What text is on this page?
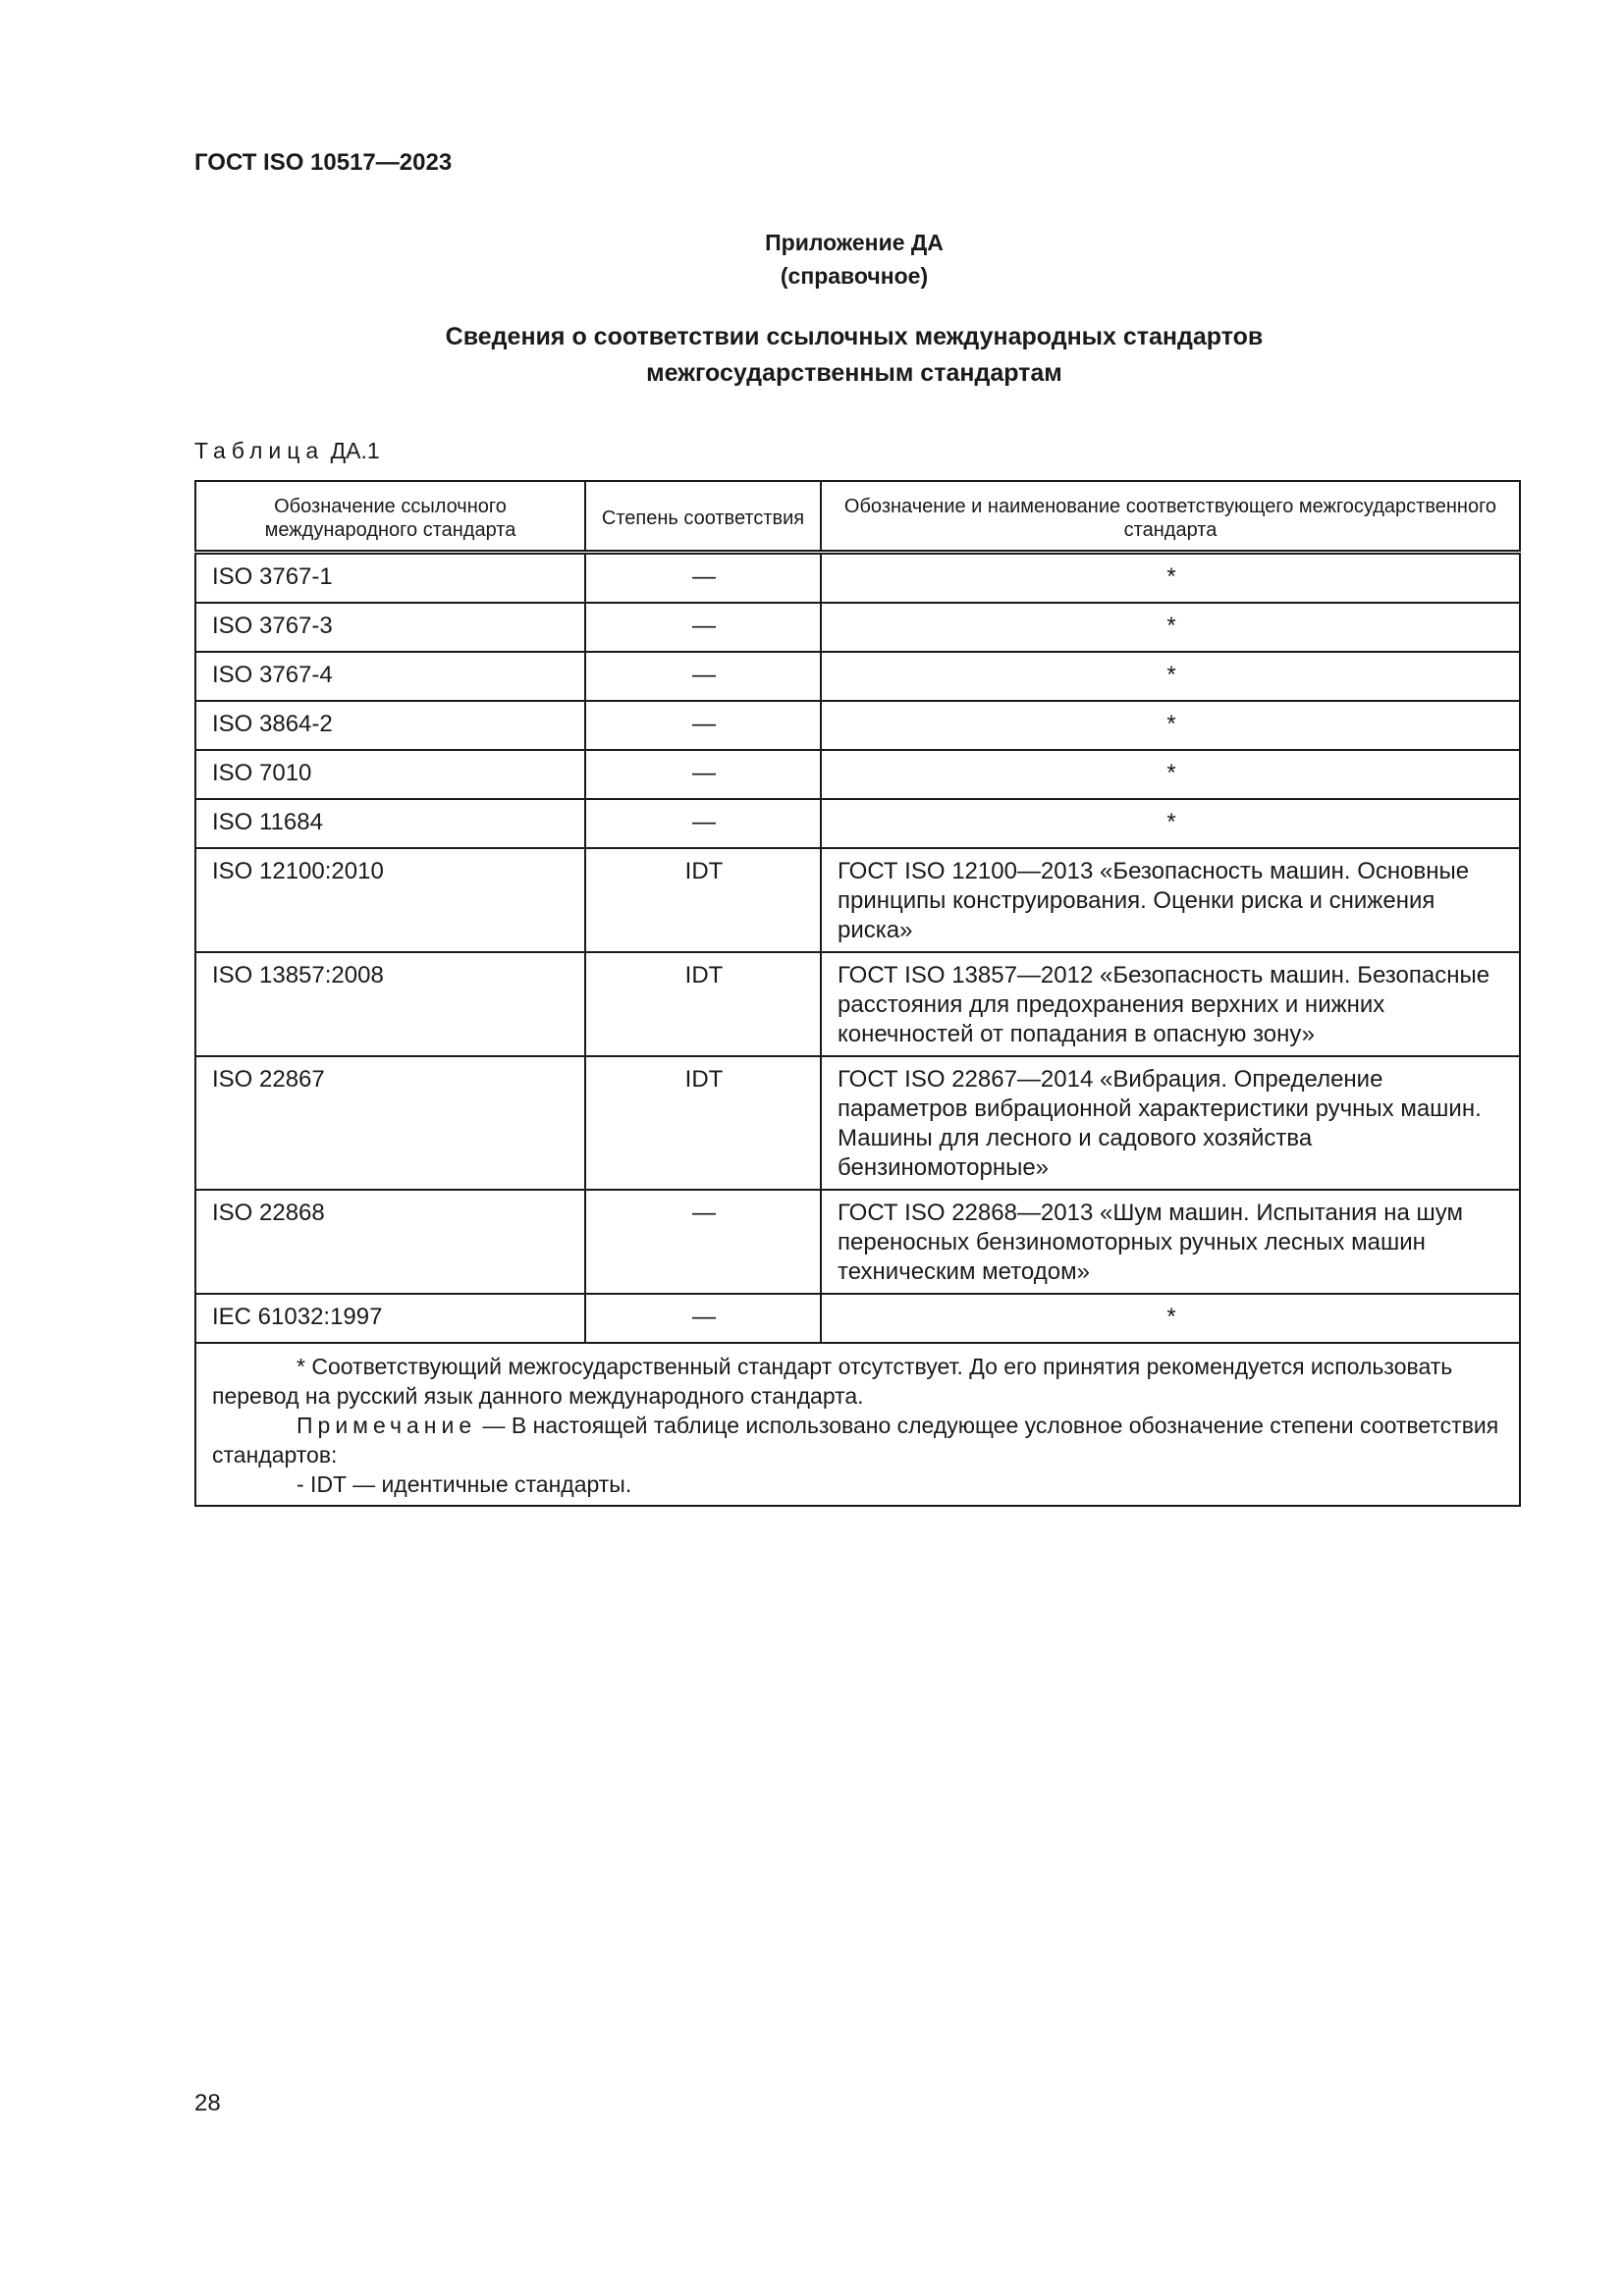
ГОСТ ISO 10517—2023
Приложение ДА
(справочное)
Сведения о соответствии ссылочных международных стандартов
межгосударственным стандартам
Таблица ДА.1
Обозначение ссылочного международного стандарта	Степень соответствия	Обозначение и наименование соответствующего межгосударственного стандарта
ISO 3767-1	—	*
ISO 3767-3	—	*
ISO 3767-4	—	*
ISO 3864-2	—	*
ISO 7010	—	*
ISO 11684	—	*
ISO 12100:2010	IDT	ГОСТ ISO 12100—2013 «Безопасность машин. Основные принципы конструирования. Оценки риска и снижения риска»
ISO 13857:2008	IDT	ГОСТ ISO 13857—2012 «Безопасность машин. Безопасные расстояния для предохранения верхних и нижних конечностей от попадания в опасную зону»
ISO 22867	IDT	ГОСТ ISO 22867—2014 «Вибрация. Определение параметров вибрационной характеристики ручных машин. Машины для лесного и садового хозяйства бензиномоторные»
ISO 22868	—	ГОСТ ISO 22868—2013 «Шум машин. Испытания на шум переносных бензиномоторных ручных лесных машин техническим методом»
IEC 61032:1997	—	*

* Соответствующий межгосударственный стандарт отсутствует. До его принятия рекомендуется использовать перевод на русский язык данного международного стандарта.
Примечание — В настоящей таблице использовано следующее условное обозначение степени соответствия стандартов:
- IDT — идентичные стандарты.		
28
